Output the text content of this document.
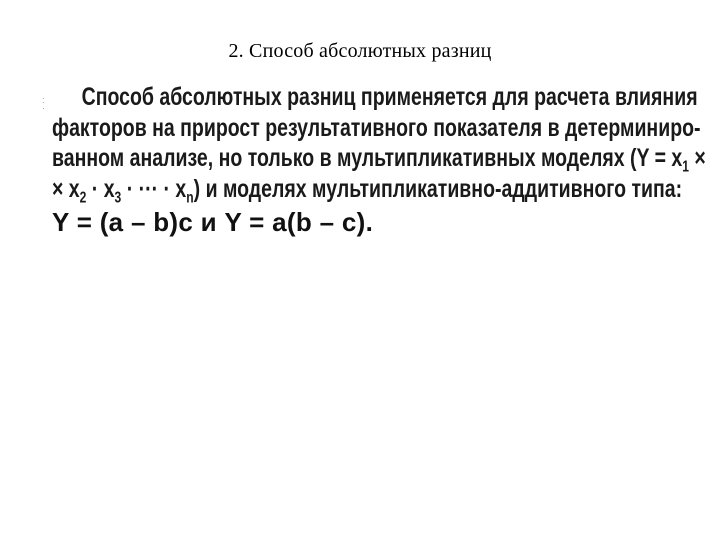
2. Способ абсолютных разниц
: ·	Способ абсолютных разниц применяется для расчета влияния
факторов на прирост результативного показателя в детерминиро-
ванном анализе, но только в мультипликативных моделях ($Y = x_1$ ×
× $x_2 \cdot x_3$ · ··· · $x_n$) и моделях мультипликативно-аддитивного типа:
Y = (a – b)c и Y = a(b – c).
